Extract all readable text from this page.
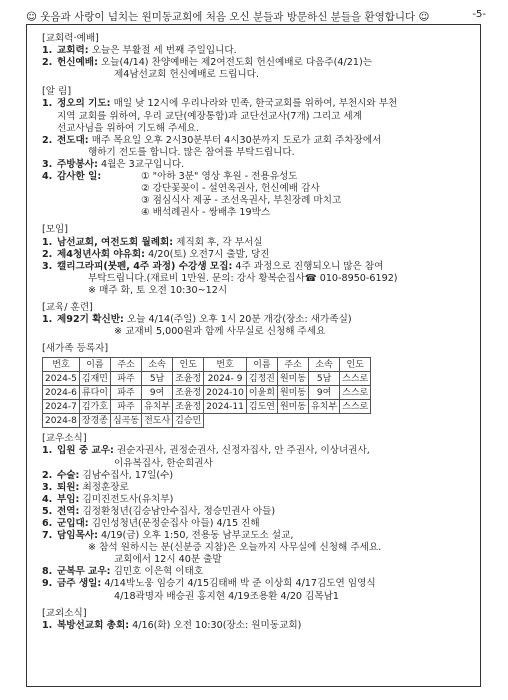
☺ 웃음과 사랑이 넘치는 원미동교회에 처음 오신 분들과 방문하신 분들을 환영합니다 ☺	-5-
[교회력·예배]
1. 교회력: 오늘은 부활절 세 번째 주일입니다.
2. 헌신예배: 오늘(4/14) 찬양예배는 제2여전도회 헌신예배로 다음주(4/21)는
제4남선교회 헌신예배로 드립니다.
[알 림]
1. 정오의 기도: 매일 낮 12시에 우리나라와 민족, 한국교회를 위하여, 부천시와 부천
지역 교회를 위하여, 우리 교단(예장통합)과 교단선교사(7개) 그리고 세계
선교사님을 위하여 기도해 주세요.
2. 전도대: 매주 목요일 오후 2시30분부터 4시30분까지 도로가 교회 주차장에서
행하기 전도를 합니다. 많은 참여를 부탁드립니다.
3. 주방봉사: 4월은 3교구입니다.
4. 감사한 일:	① "아하 3분" 영상 후원 - 전용유성도
② 강단꽃꽂이 - 설연옥권사, 헌신예배 감사
③ 점심식사 제공 - 조선옥권사, 부친장례 마치고
④ 배석례권사 - 쌍배추 19박스
[모임]
1. 남선교회, 여전도회 월례회: 제직회 후, 각 부서실
2. 제4청년사회 야유회: 4/20(토) 오전7시 출발, 당진
3. 캘리그라피(붓펜, 4주 과정) 수강생 모집: 4주 과정으로 진행되오니 많은 참여
부탁드립니다.(재료비 1만원. 문의: 강사 황복순집사☎ 010-8950-6192)
※ 매주 화, 토 오전 10:30~12시
[교육/ 훈련]
1. 제92기 확신반: 오늘 4/14(주일) 오후 1시 20분 개강(장소: 새가족실)
※ 교재비 5,000원과 함께 사무실로 신청해 주세요
[새가족 등록자]
번호	이름	주소	소속	인도	번호	이름	주소	소속	인도
2024-5	김재민	파주	5남	조윤정	2024- 9	김정진	원미동	5남	스스로
2024-6	류다이	파주	9여	조윤정	2024-10	이윤희	원미동	9여	스스로
2024-7	김가호	파주	유치부	조윤정	2024-11	김도연	원미동	유치부	스스로
2024-8	장경종	심곡동	전도사	김승민					
[교우소식]
1. 입원 중 교우: 권순자권사, 권정순권사, 신정자집사, 안 주권사, 이상녀권사,
이유복집사, 한순희권사
2. 수술: 김남수집사, 17일(수)
3. 퇴원: 최정훈장로
4. 부임: 김미진전도사(유치부)
5. 전역: 김정환청년(김승남안수집사, 정승민권사 아들)
6. 군입대: 김인성청년(문정순집사 아들) 4/15 진해
7. 담임목사: 4/19(금) 오후 1:50, 전용동 남부교도소 설교,
※ 참석 원하시는 분(신분증 지참)은 오늘까지 사무실에 신청해 주세요.
교회에서 12시 40분 출발
8. 군복무 교우: 김민호 이은혁 이태호
9. 금주 생일: 4/14박노웅 임승기 4/15김태배 박 준 이상희 4/17김도연 임영식
4/18곽명자 배승권 홍지현 4/19조용환 4/20 김목남1
[교외소식]
1. 복방선교회 총회: 4/16(화) 오전 10:30(장소: 원미동교회)
